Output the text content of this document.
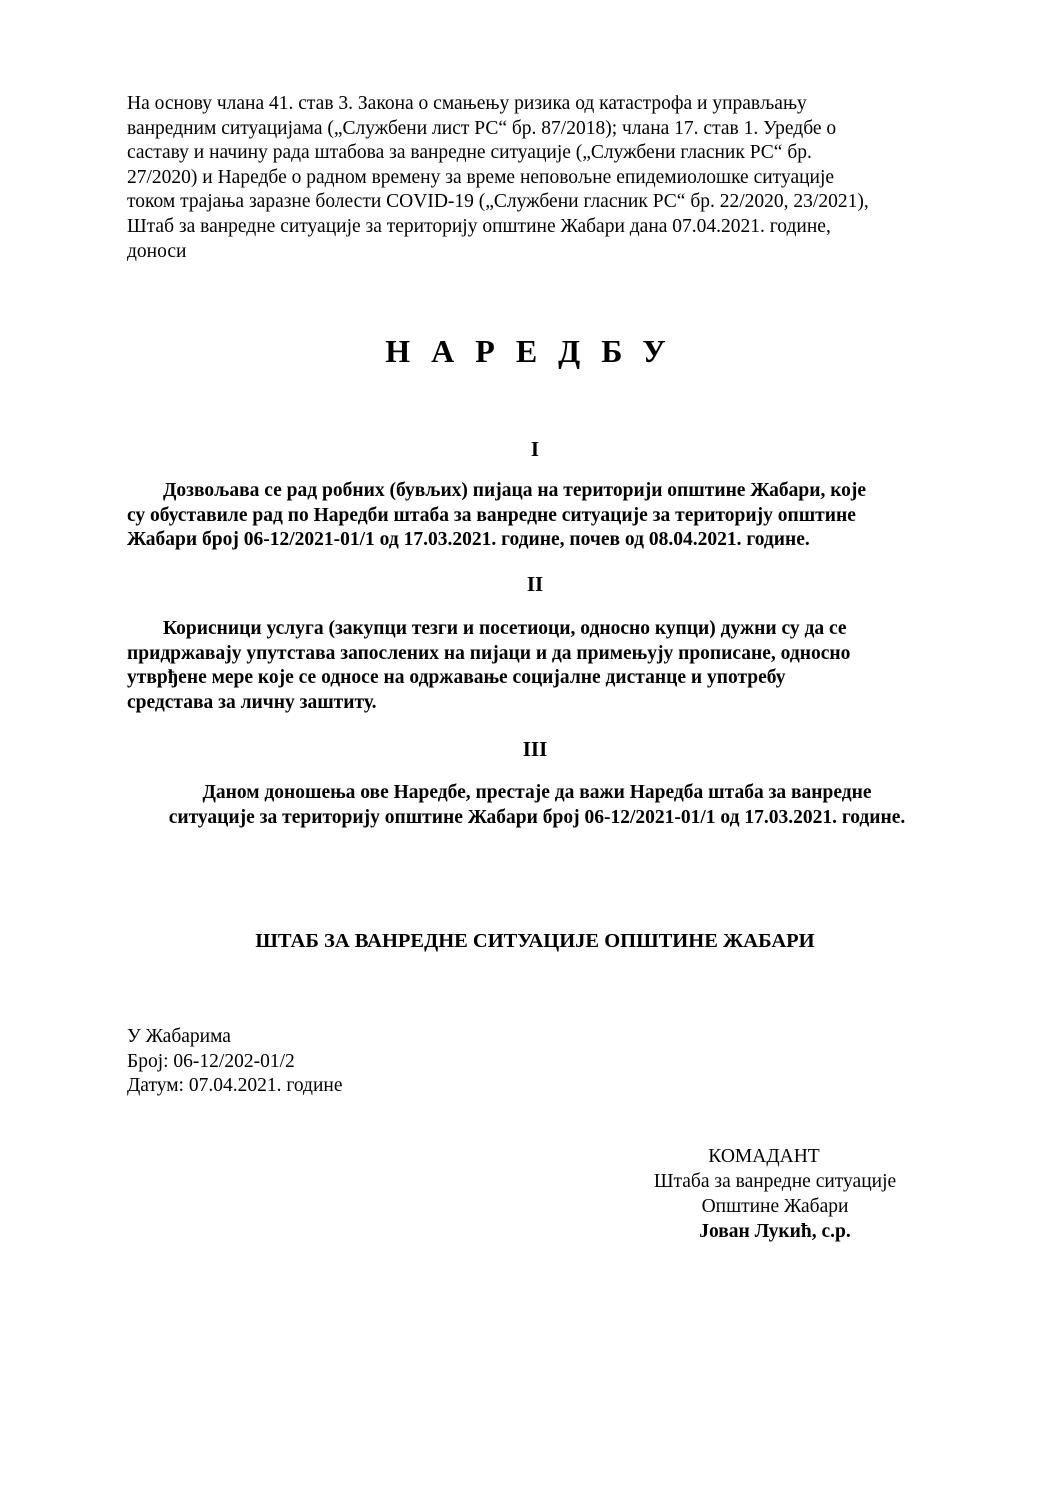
На основу члана 41. став 3. Закона о смањењу ризика од катастрофа и управљању
ванредним ситуацијама („Службени лист РС“ бр. 87/2018); члана 17. став 1. Уредбе о
саставу и начину рада штабова за ванредне ситуације („Службени гласник РС“ бр.
27/2020) и Наредбе о радном времену за време неповољне епидемиолошке ситуације
током трајања заразне болести COVID-19 („Службени гласник РС“ бр. 22/2020, 23/2021),
Штаб за ванредне ситуације за територију општине Жабари дана 07.04.2021. године,
доноси
НАРЕДБУ
I
Дозвољава се рад робних (бувљих) пијаца на територији општине Жабари, које
су обуставиле рад по Наредби штаба за ванредне ситуације за територију општине
Жабари број 06-12/2021-01/1 од 17.03.2021. године, почев од 08.04.2021. године.
II
Корисници услуга (закупци тезги и посетиоци, односно купци) дужни су да се
придржавају упутстава запослених на пијаци и да примењују прописане, односно
утврђене мере које се односе на одржавање социјалне дистанце и употребу
средстава за личну заштиту.
III
Даном доношења ове Наредбе, престаје да важи Наредба штаба за ванредне
ситуације за територију општине Жабари број 06-12/2021-01/1 од 17.03.2021. године.
ШТАБ ЗА ВАНРЕДНЕ СИТУАЦИЈЕ ОПШТИНЕ ЖАБАРИ
У Жабарима
Број: 06-12/202-01/2
Датум: 07.04.2021. године
КОМАДАНТ
Штаба за ванредне ситуације
Општине Жабари
Јован Лукић, с.р.
